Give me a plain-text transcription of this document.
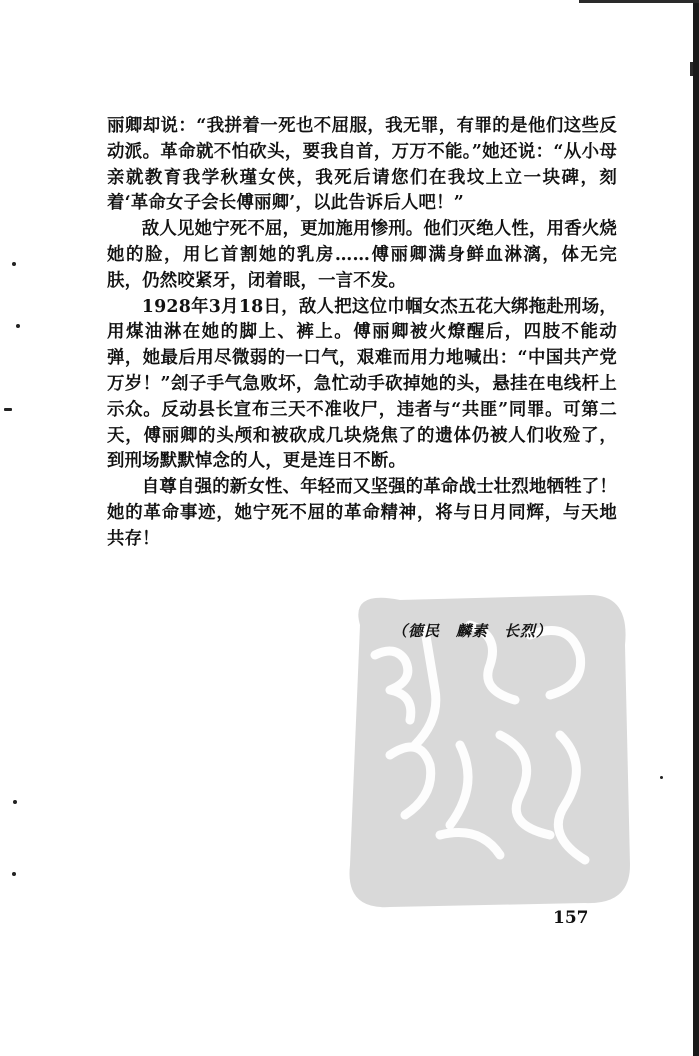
丽卿却说：“我拼着一死也不屈服，我无罪，有罪的是他们这些反动派。革命就不怕砍头，要我自首，万万不能。”她还说：“从小母亲就教育我学秋瑾女侠，我死后请您们在我坟上立一块碑，刻着‘革命女子会长傅丽卿’，以此告诉后人吧！”

敌人见她宁死不屈，更加施用惨刑。他们灭绝人性，用香火烧她的脸，用匕首割她的乳房……傅丽卿满身鲜血淋漓，体无完肤，仍然咬紧牙，闭着眼，一言不发。

1928年3月18日，敌人把这位巾帼女杰五花大绑拖赴刑场，用煤油淋在她的脚上、裤上。傅丽卿被火燎醒后，四肢不能动弹，她最后用尽微弱的一口气，艰难而用力地喊出：“中国共产党万岁！”刽子手气急败坏，急忙动手砍掉她的头，悬挂在电线杆上示众。反动县长宣布三天不准收尸，违者与“共匪”同罪。可第二天，傅丽卿的头颅和被砍成几块烧焦了的遗体仍被人们收殓了，到刑场默默悼念的人，更是连日不断。

自尊自强的新女性、年轻而又坚强的革命战士壮烈地牺牲了！她的革命事迹，她宁死不屈的革命精神，将与日月同辉，与天地共存！

（德民　麟素　长烈）
157
